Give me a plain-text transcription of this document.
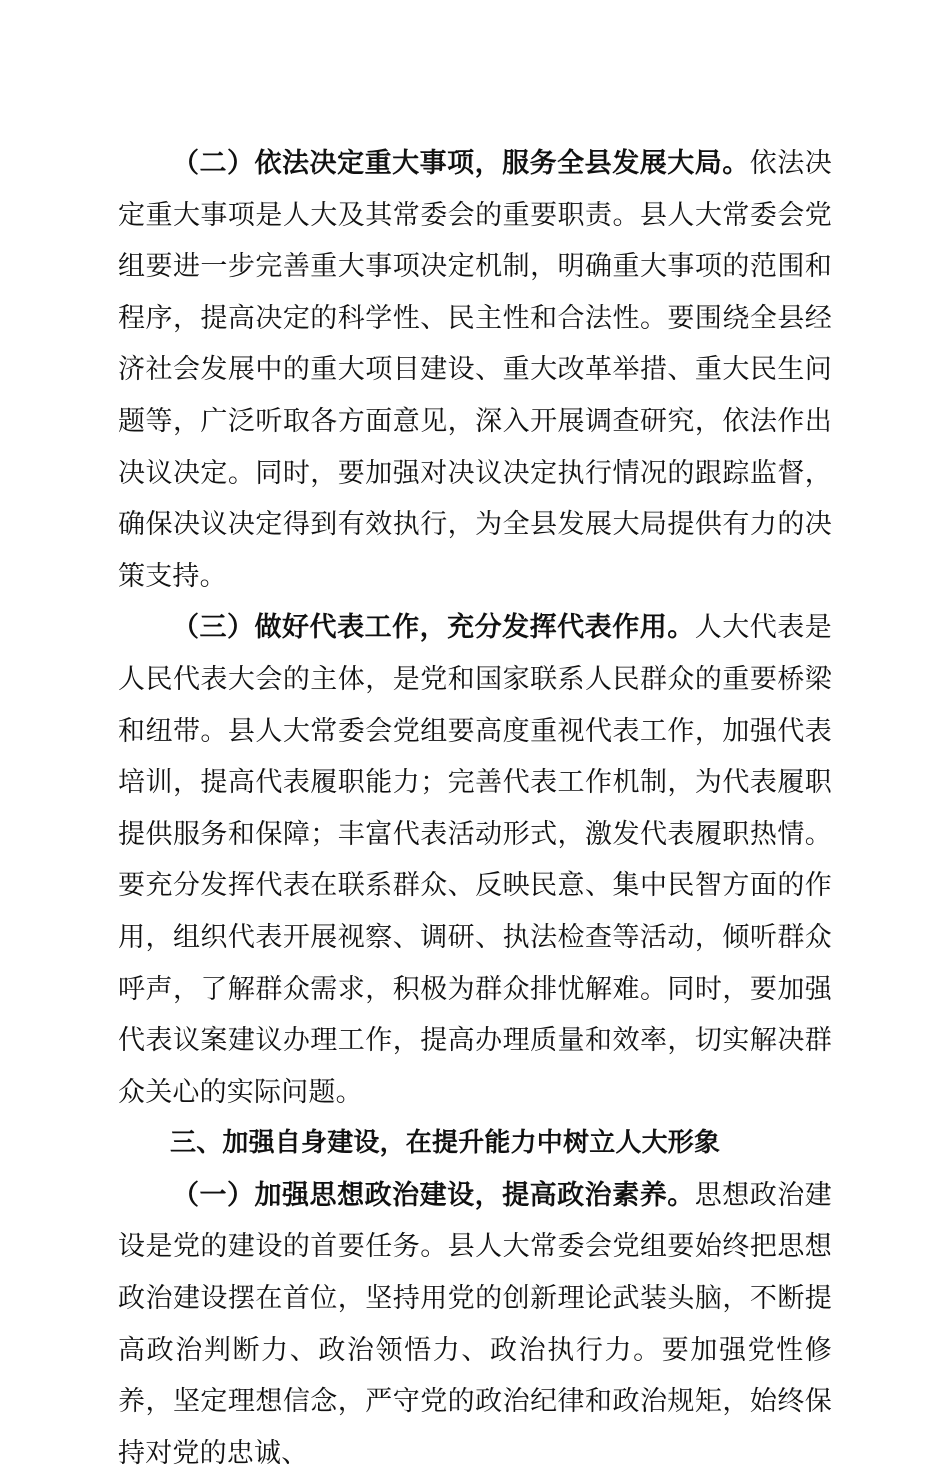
（二）依法决定重大事项，服务全县发展大局。依法决定重大事项是人大及其常委会的重要职责。县人大常委会党组要进一步完善重大事项决定机制，明确重大事项的范围和程序，提高决定的科学性、民主性和合法性。要围绕全县经济社会发展中的重大项目建设、重大改革举措、重大民生问题等，广泛听取各方面意见，深入开展调查研究，依法作出决议决定。同时，要加强对决议决定执行情况的跟踪监督，确保决议决定得到有效执行，为全县发展大局提供有力的决策支持。

（三）做好代表工作，充分发挥代表作用。人大代表是人民代表大会的主体，是党和国家联系人民群众的重要桥梁和纽带。县人大常委会党组要高度重视代表工作，加强代表培训，提高代表履职能力；完善代表工作机制，为代表履职提供服务和保障；丰富代表活动形式，激发代表履职热情。要充分发挥代表在联系群众、反映民意、集中民智方面的作用，组织代表开展视察、调研、执法检查等活动，倾听群众呼声，了解群众需求，积极为群众排忧解难。同时，要加强代表议案建议办理工作，提高办理质量和效率，切实解决群众关心的实际问题。

三、加强自身建设，在提升能力中树立人大形象

（一）加强思想政治建设，提高政治素养。思想政治建设是党的建设的首要任务。县人大常委会党组要始终把思想政治建设摆在首位，坚持用党的创新理论武装头脑，不断提高政治判断力、政治领悟力、政治执行力。要加强党性修养，坚定理想信念，严守党的政治纪律和政治规矩，始终保持对党的忠诚、
